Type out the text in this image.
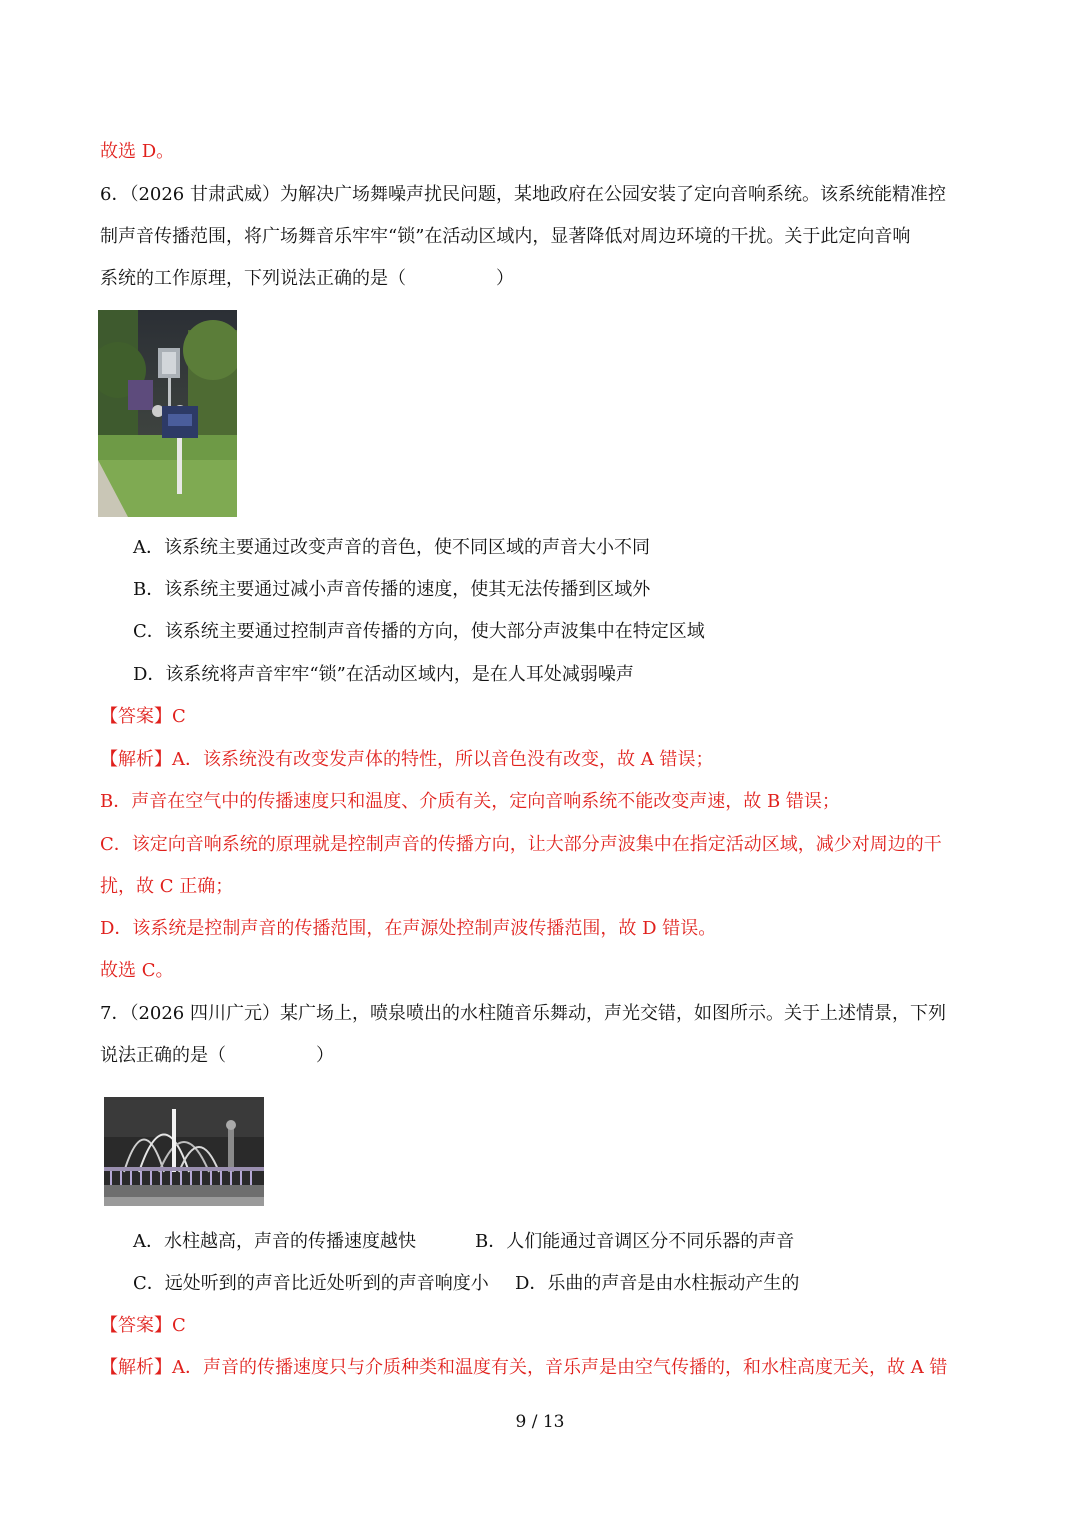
故选 D。
6．（2026 甘肃武威）为解决广场舞噪声扰民问题，某地政府在公园安装了定向音响系统。该系统能精准控
制声音传播范围，将广场舞音乐牢牢“锁”在活动区域内，显著降低对周边环境的干扰。关于此定向音响
系统的工作原理，下列说法正确的是（　　　　　）
A．该系统主要通过改变声音的音色，使不同区域的声音大小不同
B．该系统主要通过减小声音传播的速度，使其无法传播到区域外
C．该系统主要通过控制声音传播的方向，使大部分声波集中在特定区域
D．该系统将声音牢牢“锁”在活动区域内，是在人耳处减弱噪声
【答案】C
【解析】A．该系统没有改变发声体的特性，所以音色没有改变，故 A 错误；
B．声音在空气中的传播速度只和温度、介质有关，定向音响系统不能改变声速，故 B 错误；
C．该定向音响系统的原理就是控制声音的传播方向，让大部分声波集中在指定活动区域，减少对周边的干
扰，故 C 正确；
D．该系统是控制声音的传播范围，在声源处控制声波传播范围，故 D 错误。
故选 C。
7．（2026 四川广元）某广场上，喷泉喷出的水柱随音乐舞动，声光交错，如图所示。关于上述情景，下列
说法正确的是（　　　　　）
A．水柱越高，声音的传播速度越快	B．人们能通过音调区分不同乐器的声音
C．远处听到的声音比近处听到的声音响度小 D．乐曲的声音是由水柱振动产生的
【答案】C
【解析】A．声音的传播速度只与介质种类和温度有关，音乐声是由空气传播的，和水柱高度无关，故 A 错
9 / 13
